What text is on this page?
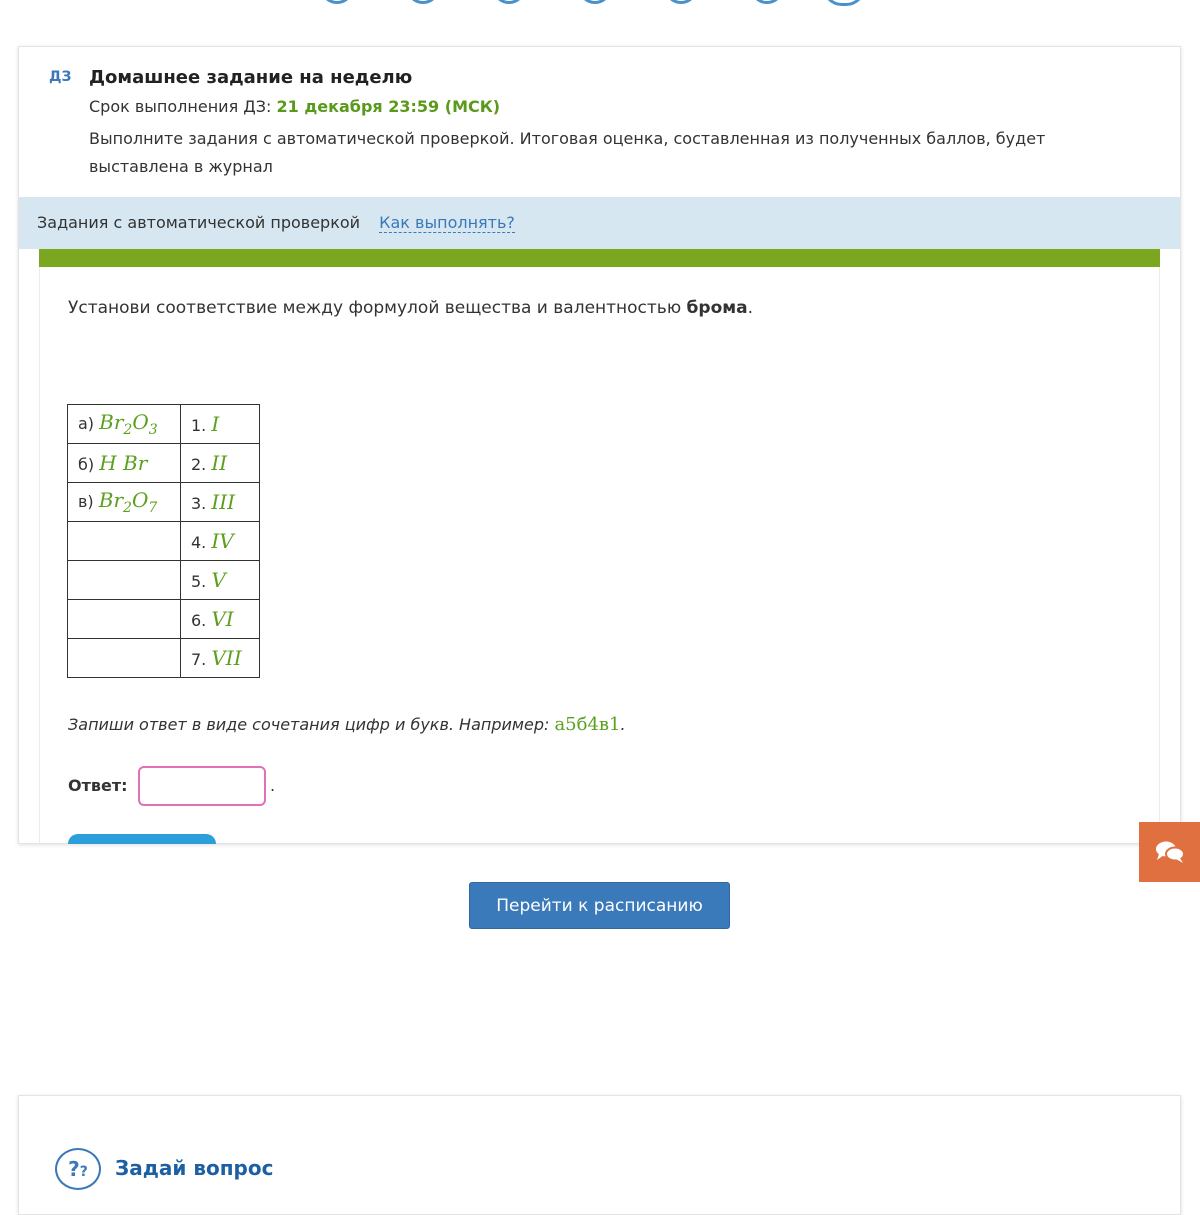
ДЗ Домашнее задание на неделю
Срок выполнения ДЗ: 21 декабря 23:59 (МСК)
Выполните задания с автоматической проверкой. Итоговая оценка, составленная из полученных баллов, будет выставлена в журнал
Задания с автоматической проверкой Как выполнять?
Установи соответствие между формулой вещества и валентностью брома.
а) $Br_2O_3$	1. I
б) H Br	2. II
в) $Br_2O_7$	3. III
	4. IV
	5. V
	6. VI
	7. VII
Запиши ответ в виде сочетания цифр и букв. Например: а5б4в1.
Ответ:	.
Перейти к расписанию
??	Задай вопрос
